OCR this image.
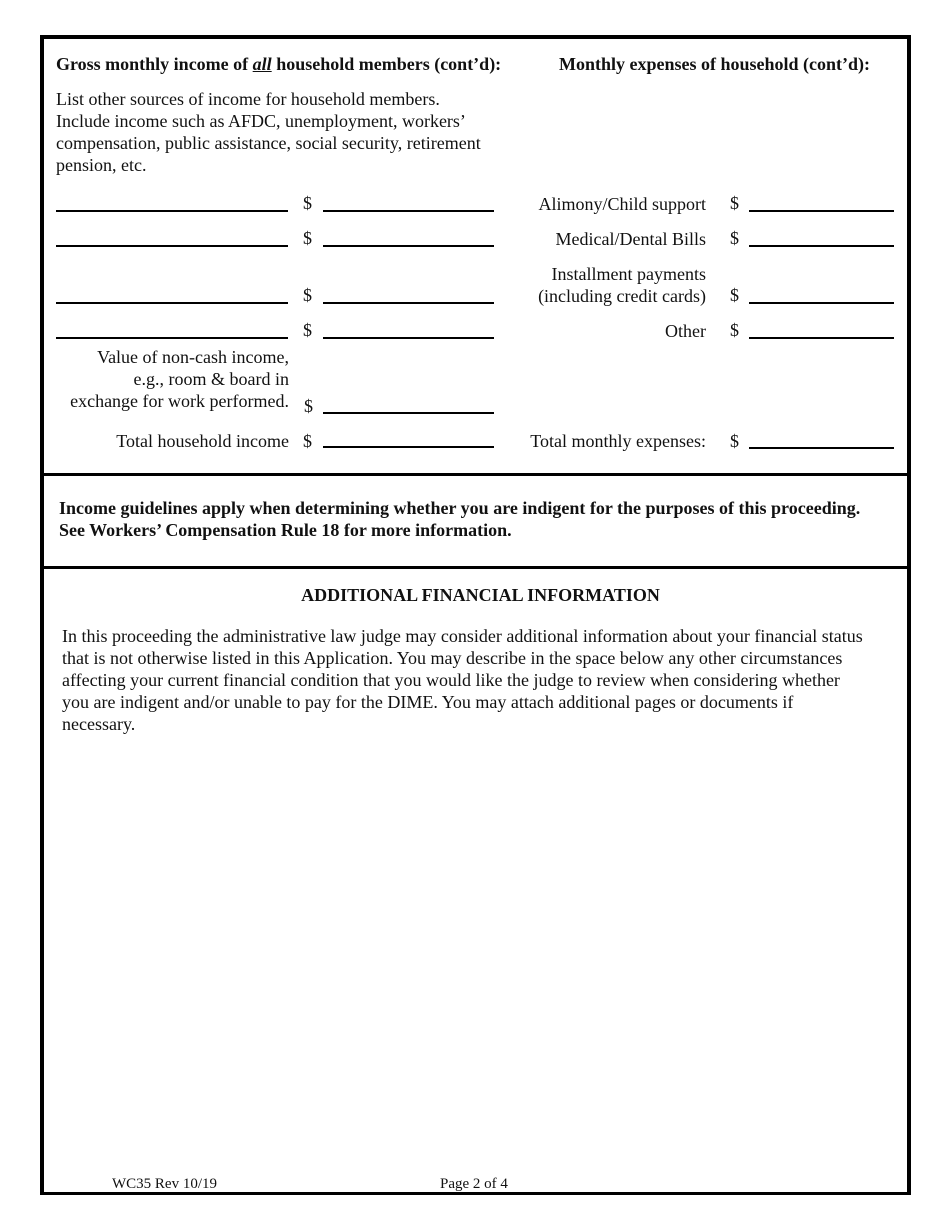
Gross monthly income of all household members (cont’d):	Monthly expenses of household (cont’d):
List other sources of income for household members.
Include income such as AFDC, unemployment, workers’
compensation, public assistance, social security, retirement
pension, etc.
$
$
$
$
Value of non-cash income,
e.g., room & board in
exchange for work performed. $
Total household income $
Alimony/Child support $
Medical/Dental Bills $
Installment payments
(including credit cards) $
Other $
Total monthly expenses: $
Income guidelines apply when determining whether you are indigent for the purposes of this proceeding.
See Workers’ Compensation Rule 18 for more information.
ADDITIONAL FINANCIAL INFORMATION
In this proceeding the administrative law judge may consider additional information about your financial status
that is not otherwise listed in this Application. You may describe in the space below any other circumstances
affecting your current financial condition that you would like the judge to review when considering whether
you are indigent and/or unable to pay for the DIME. You may attach additional pages or documents if
necessary.
WC35 Rev 10/19	Page 2 of 4
